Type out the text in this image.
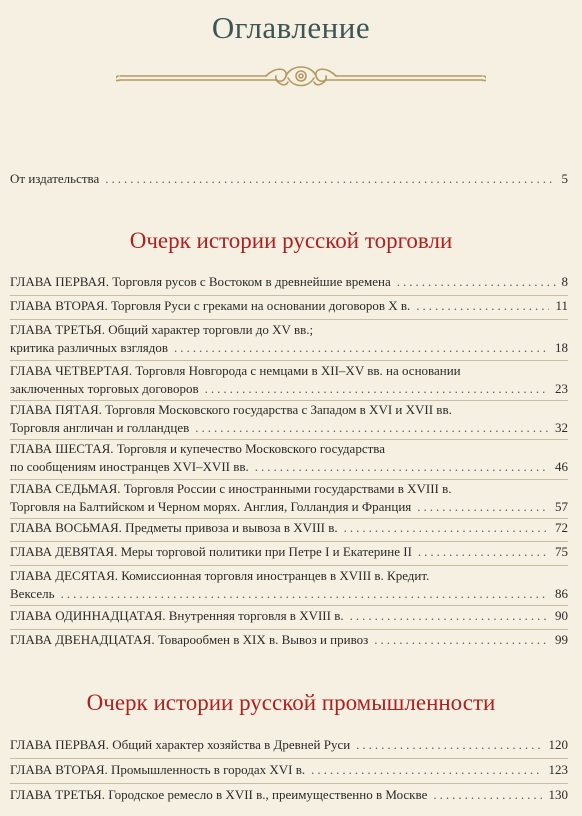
Оглавление
От издательства .....	5
Очерк истории русской торговли
ГЛАВА ПЕРВАЯ. Торговля русов с Востоком в древнейшие времена .....	8
ГЛАВА ВТОРАЯ. Торговля Руси с греками на основании договоров X в. .....	11
ГЛАВА ТРЕТЬЯ. Общий характер торговли до XV вв.;
критика различных взглядов .....	18
ГЛАВА ЧЕТВЕРТАЯ. Торговля Новгорода с немцами в XII–XV вв. на основании
заключенных торговых договоров .....	23
ГЛАВА ПЯТАЯ. Торговля Московского государства с Западом в XVI и XVII вв.
Торговля англичан и голландцев .....	32
ГЛАВА ШЕСТАЯ. Торговля и купечество Московского государства
по сообщениям иностранцев XVI–XVII вв. .....	46
ГЛАВА СЕДЬМАЯ. Торговля России с иностранными государствами в XVIII в.
Торговля на Балтийском и Черном морях. Англия, Голландия и Франция .....	57
ГЛАВА ВОСЬМАЯ. Предметы привоза и вывоза в XVIII в. .....	72
ГЛАВА ДЕВЯТАЯ. Меры торговой политики при Петре I и Екатерине II .....	75
ГЛАВА ДЕСЯТАЯ. Комиссионная торговля иностранцев в XVIII в. Кредит.
Вексель .....	86
ГЛАВА ОДИННАДЦАТАЯ. Внутренняя торговля в XVIII в. .....	90
ГЛАВА ДВЕНАДЦАТАЯ. Товарообмен в XIX в. Вывоз и привоз .....	99
Очерк истории русской промышленности
ГЛАВА ПЕРВАЯ. Общий характер хозяйства в Древней Руси .....	120
ГЛАВА ВТОРАЯ. Промышленность в городах XVI в. .....	123
ГЛАВА ТРЕТЬЯ. Городское ремесло в XVII в., преимущественно в Москве .....	130
